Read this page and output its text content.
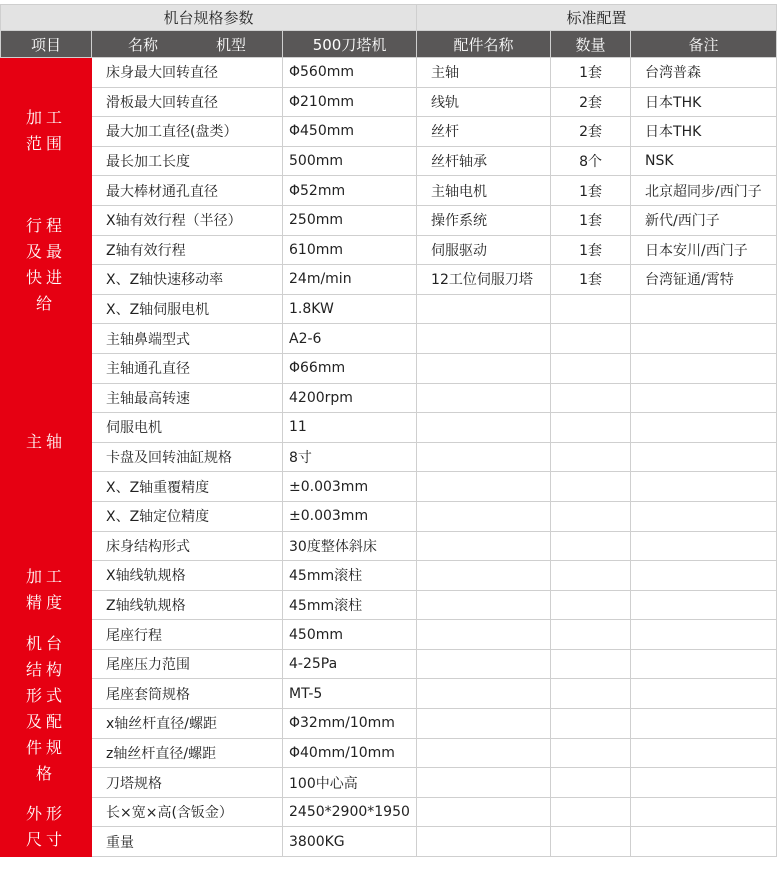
机台规格参数			标准配置		
项目	名称 机型	500刀塔机	配件名称	数量	备注
加工范围	床身最大回转直径	Φ560mm	主轴	1套	台湾普森
	滑板最大回转直径	Φ210mm	线轨	2套	日本THK
	最大加工直径(盘类）	Φ450mm	丝杆	2套	日本THK
	最长加工长度	500mm	丝杆轴承	8个	NSK
	最大棒材通孔直径	Φ52mm	主轴电机	1套	北京超同步/西门子
行程及最快进给	X轴有效行程（半径）	250mm	操作系统	1套	新代/西门子
	Z轴有效行程	610mm	伺服驱动	1套	日本安川/西门子
	X、Z轴快速移动率	24m/min	12工位伺服刀塔	1套	台湾钲通/霄特
	X、Z轴伺服电机	1.8KW			
主轴	主轴鼻端型式	A2-6			
	主轴通孔直径	Φ66mm			
	主轴最高转速	4200rpm			
	伺服电机	11			
	卡盘及回转油缸规格	8寸			
	X、Z轴重覆精度	±0.003mm			
	X、Z轴定位精度	±0.003mm			
	床身结构形式	30度整体斜床			
加工精度	X轴线轨规格	45mm滚柱			
	Z轴线轨规格	45mm滚柱			
机台结构形式及配件规格	尾座行程	450mm			
	尾座压力范围	4-25Pa			
	尾座套筒规格	MT-5			
	x轴丝杆直径/螺距	Φ32mm/10mm			
	z轴丝杆直径/螺距	Φ40mm/10mm			
	刀塔规格	100中心高			
外形尺寸	长×宽×高(含钣金）	2450*2900*1950			
	重量	3800KG			
